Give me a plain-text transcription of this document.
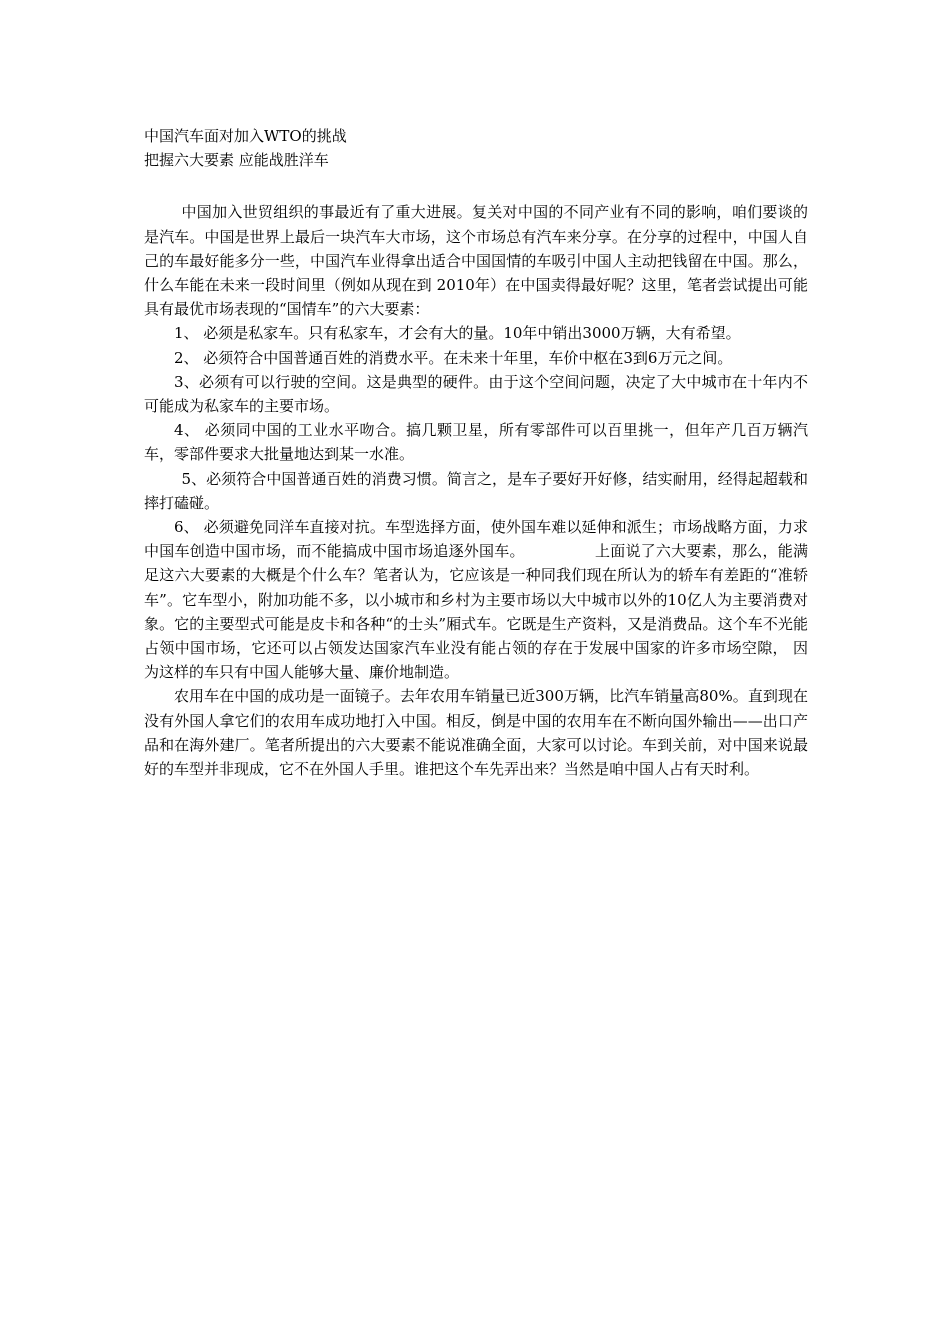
中国汽车面对加入WTO的挑战
把握六大要素 应能战胜洋车

中国加入世贸组织的事最近有了重大进展。复关对中国的不同产业有不同的影响，咱们要谈的是汽车。中国是世界上最后一块汽车大市场，这个市场总有汽车来分享。在分享的过程中，中国人自己的车最好能多分一些，中国汽车业得拿出适合中国国情的车吸引中国人主动把钱留在中国。那么，什么车能在未来一段时间里（例如从现在到 2010年）在中国卖得最好呢？这里，笔者尝试提出可能具有最优市场表现的“国情车”的六大要素：

1、 必须是私家车。只有私家车，才会有大的量。10年中销出3000万辆，大有希望。

2、 必须符合中国普通百姓的消费水平。在未来十年里，车价中枢在3到6万元之间。

3、必须有可以行驶的空间。这是典型的硬件。由于这个空间问题，决定了大中城市在十年内不可能成为私家车的主要市场。

4、 必须同中国的工业水平吻合。搞几颗卫星，所有零部件可以百里挑一，但年产几百万辆汽车，零部件要求大批量地达到某一水准。

5、必须符合中国普通百姓的消费习惯。简言之，是车子要好开好修，结实耐用，经得起超载和摔打磕碰。

6、 必须避免同洋车直接对抗。车型选择方面，使外国车难以延伸和派生；市场战略方面，力求中国车创造中国市场，而不能搞成中国市场追逐外国车。	上面说了六大要素，那么，能满足这六大要素的大概是个什么车？笔者认为，它应该是一种同我们现在所认为的轿车有差距的“准轿车”。它车型小，附加功能不多，以小城市和乡村为主要市场以大中城市以外的10亿人为主要消费对象。它的主要型式可能是皮卡和各种“的士头”厢式车。它既是生产资料，又是消费品。这个车不光能占领中国市场，它还可以占领发达国家汽车业没有能占领的存在于发展中国家的许多市场空隙， 因为这样的车只有中国人能够大量、廉价地制造。

农用车在中国的成功是一面镜子。去年农用车销量已近300万辆，比汽车销量高80%。直到现在没有外国人拿它们的农用车成功地打入中国。相反，倒是中国的农用车在不断向国外输出——出口产品和在海外建厂。笔者所提出的六大要素不能说准确全面，大家可以讨论。车到关前，对中国来说最好的车型并非现成，它不在外国人手里。谁把这个车先弄出来？当然是咱中国人占有天时利。
